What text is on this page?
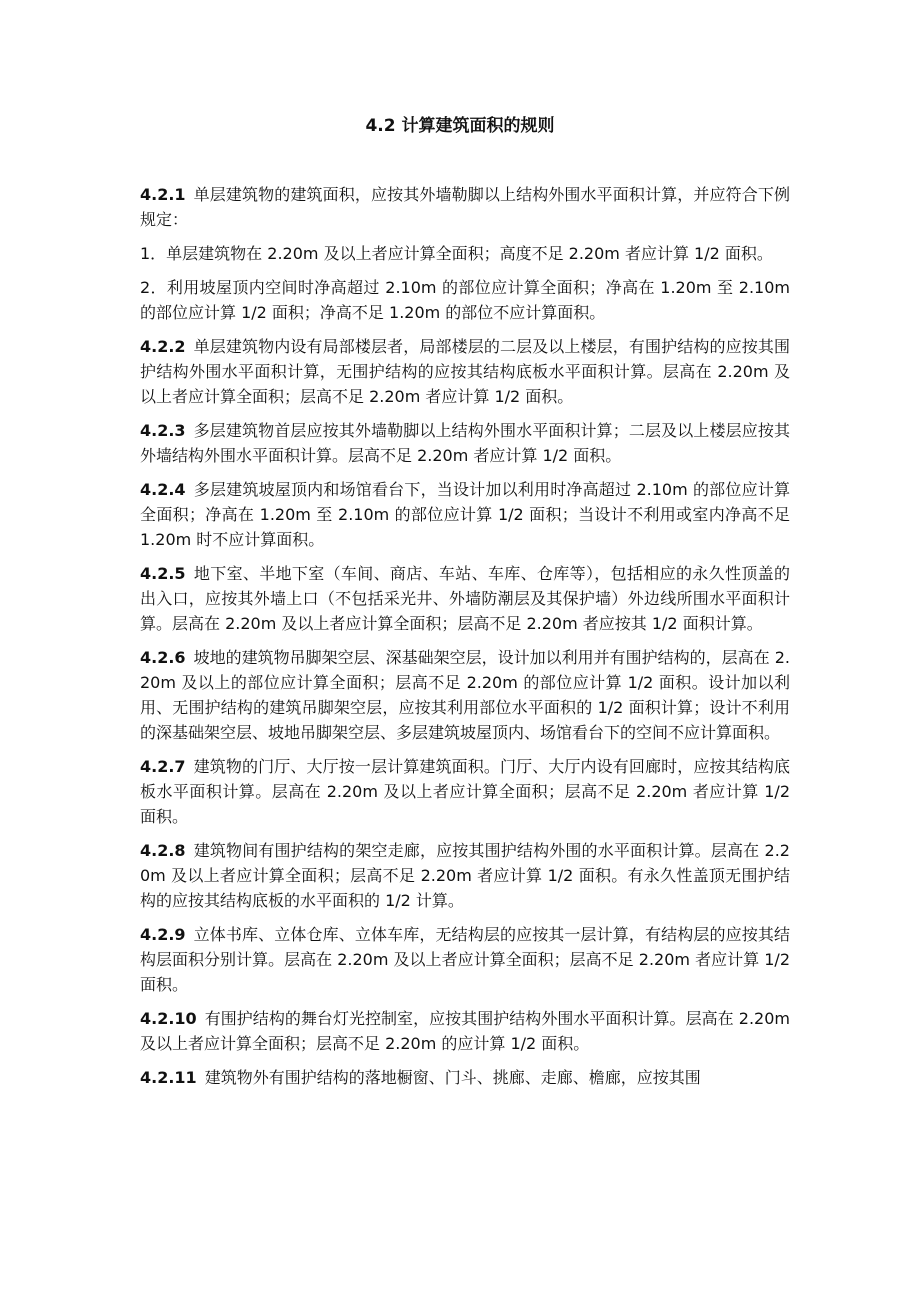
4.2 计算建筑面积的规则

4.2.1 单层建筑物的建筑面积，应按其外墙勒脚以上结构外围水平面积计算，并应符合下例规定：

1．单层建筑物在 2.20m 及以上者应计算全面积；高度不足 2.20m 者应计算 1/2 面积。

2．利用坡屋顶内空间时净高超过 2.10m 的部位应计算全面积；净高在 1.20m 至 2.10m 的部位应计算 1/2 面积；净高不足 1.20m 的部位不应计算面积。

4.2.2 单层建筑物内设有局部楼层者，局部楼层的二层及以上楼层，有围护结构的应按其围护结构外围水平面积计算，无围护结构的应按其结构底板水平面积计算。层高在 2.20m 及以上者应计算全面积；层高不足 2.20m 者应计算 1/2 面积。

4.2.3 多层建筑物首层应按其外墙勒脚以上结构外围水平面积计算；二层及以上楼层应按其外墙结构外围水平面积计算。层高不足 2.20m 者应计算 1/2 面积。

4.2.4 多层建筑坡屋顶内和场馆看台下，当设计加以利用时净高超过 2.10m 的部位应计算全面积；净高在 1.20m 至 2.10m 的部位应计算 1/2 面积；当设计不利用或室内净高不足 1.20m 时不应计算面积。

4.2.5 地下室、半地下室（车间、商店、车站、车库、仓库等），包括相应的永久性顶盖的出入口，应按其外墙上口（不包括采光井、外墙防潮层及其保护墙）外边线所围水平面积计算。层高在 2.20m 及以上者应计算全面积；层高不足 2.20m 者应按其 1/2 面积计算。

4.2.6 坡地的建筑物吊脚架空层、深基础架空层，设计加以利用并有围护结构的，层高在 2.20m 及以上的部位应计算全面积；层高不足 2.20m 的部位应计算 1/2 面积。设计加以利用、无围护结构的建筑吊脚架空层，应按其利用部位水平面积的 1/2 面积计算；设计不利用的深基础架空层、坡地吊脚架空层、多层建筑坡屋顶内、场馆看台下的空间不应计算面积。

4.2.7 建筑物的门厅、大厅按一层计算建筑面积。门厅、大厅内设有回廊时，应按其结构底板水平面积计算。层高在 2.20m 及以上者应计算全面积；层高不足 2.20m 者应计算 1/2 面积。

4.2.8 建筑物间有围护结构的架空走廊，应按其围护结构外围的水平面积计算。层高在 2.20m 及以上者应计算全面积；层高不足 2.20m 者应计算 1/2 面积。有永久性盖顶无围护结构的应按其结构底板的水平面积的 1/2 计算。

4.2.9 立体书库、立体仓库、立体车库，无结构层的应按其一层计算，有结构层的应按其结构层面积分别计算。层高在 2.20m 及以上者应计算全面积；层高不足 2.20m 者应计算 1/2 面积。

4.2.10 有围护结构的舞台灯光控制室，应按其围护结构外围水平面积计算。层高在 2.20m 及以上者应计算全面积；层高不足 2.20m 的应计算 1/2 面积。

4.2.11 建筑物外有围护结构的落地橱窗、门斗、挑廊、走廊、檐廊，应按其围
